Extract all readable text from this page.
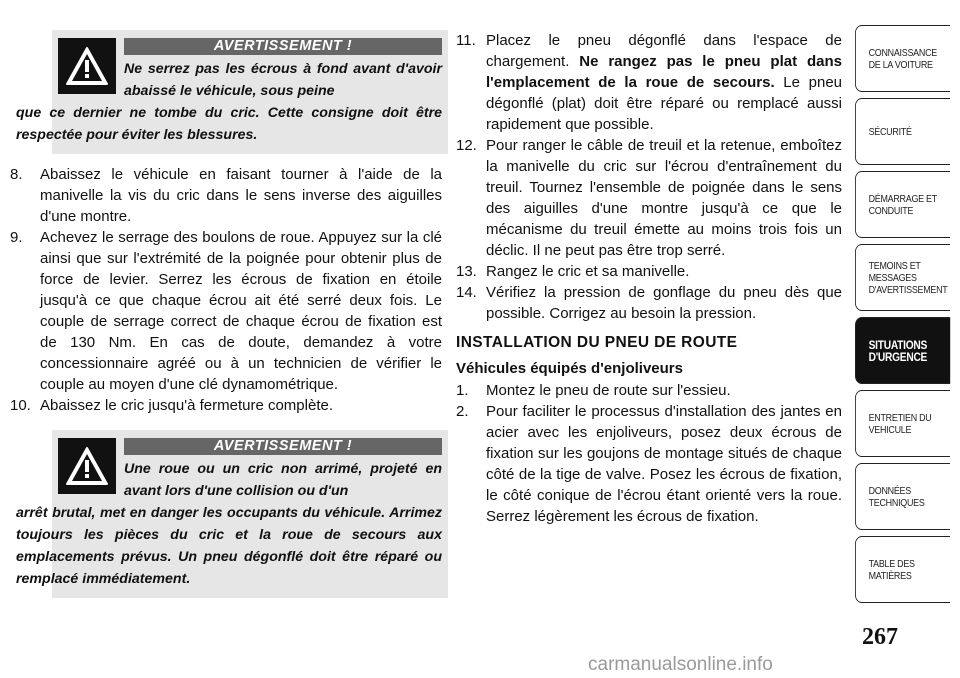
AVERTISSEMENT !
Ne serrez pas les écrous à fond avant d'avoir abaissé le véhicule, sous peine
que ce dernier ne tombe du cric. Cette consigne doit être respectée pour éviter les blessures.
8.	Abaissez le véhicule en faisant tourner à l'aide de la manivelle la vis du cric dans le sens inverse des aiguilles d'une montre.
9.	Achevez le serrage des boulons de roue. Appuyez sur la clé ainsi que sur l'extrémité de la poignée pour obtenir plus de force de levier. Serrez les écrous de fixation en étoile jusqu'à ce que chaque écrou ait été serré deux fois. Le couple de serrage correct de chaque écrou de fixation est de 130 Nm. En cas de doute, demandez à votre concessionnaire agréé ou à un technicien de vérifier le couple au moyen d'une clé dynamométrique.
10. Abaissez le cric jusqu'à fermeture complète.
AVERTISSEMENT !
Une roue ou un cric non arrimé, projeté en avant lors d'une collision ou d'un
arrêt brutal, met en danger les occupants du véhicule. Arrimez toujours les pièces du cric et la roue de secours aux emplacements prévus. Un pneu dégonflé doit être réparé ou remplacé immédiatement.
11. Placez le pneu dégonflé dans l'espace de chargement. Ne rangez pas le pneu plat dans l'emplacement de la roue de secours. Le pneu dégonflé (plat) doit être réparé ou remplacé aussi rapidement que possible.
12. Pour ranger le câble de treuil et la retenue, emboîtez la manivelle du cric sur l'écrou d'entraînement du treuil. Tournez l'ensemble de poignée dans le sens des aiguilles d'une montre jusqu'à ce que le mécanisme du treuil émette au moins trois fois un déclic. Il ne peut pas être trop serré.
13. Rangez le cric et sa manivelle.
14. Vérifiez la pression de gonflage du pneu dès que possible. Corrigez au besoin la pression.
INSTALLATION DU PNEU DE ROUTE
Véhicules équipés d'enjoliveurs
1.	Montez le pneu de route sur l'essieu.
2.	Pour faciliter le processus d'installation des jantes en acier avec les enjoliveurs, posez deux écrous de fixation sur les goujons de montage situés de chaque côté de la tige de valve. Posez les écrous de fixation, le côté conique de l'écrou étant orienté vers la roue. Serrez légèrement les écrous de fixation.
CONNAISSANCE DE LA VOITURE
SÉCURITÉ
DÉMARRAGE ET CONDUITE
TEMOINS ET MESSAGES D'AVERTISSEMENT
SITUATIONS D'URGENCE
ENTRETIEN DU VEHICULE
DONNÉES TECHNIQUES
TABLE DES MATIÈRES
267
carmanualsonline.info
